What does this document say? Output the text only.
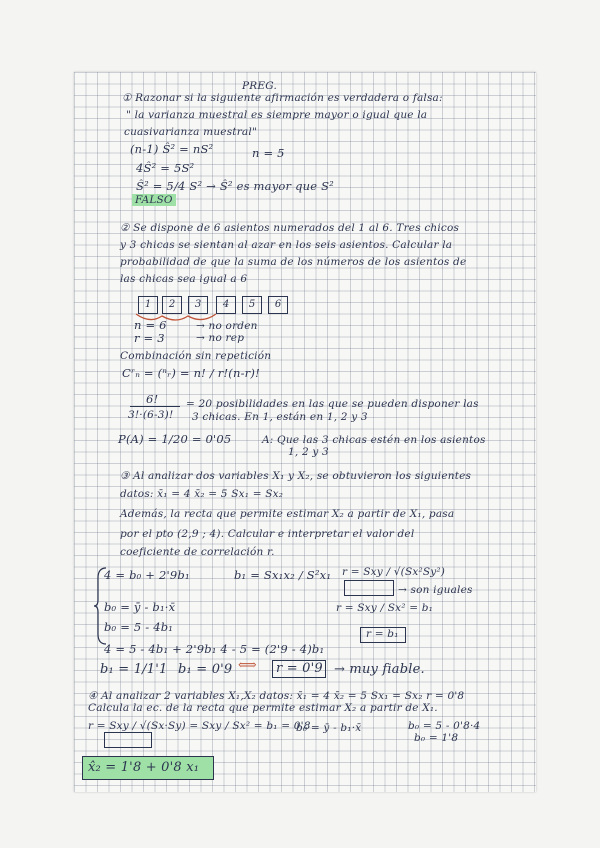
PREG.
① Razonar si la siguiente afirmación es verdadera o falsa:
" la varianza muestral es siempre mayor o igual que la
cuasivarianza muestral"
(n-1) Ŝ² = nS²	n = 5
4Ŝ² = 5S²
Ŝ² = 5/4 S² → Ŝ² es mayor que S²
FALSO
② Se dispone de 6 asientos numerados del 1 al 6. Tres chicos
y 3 chicas se sientan al azar en los seis asientos. Calcular la
probabilidad de que la suma de los números de los asientos de
las chicas sea igual a 6
1	2	3	4	5	6
n = 6
r = 3
→ no orden
→ no rep
Combinación sin repetición
Cʳₙ = (ⁿᵣ) = n! / r!(n-r)!
6!
3!·(6-3)!
= 20 posibilidades en las que se pueden disponer las
3 chicas. En 1, están en 1, 2 y 3
P(A) = 1/20 = 0'05	A: Que las 3 chicas estén en los asientos
1, 2 y 3
③ Al analizar dos variables X₁ y X₂, se obtuvieron los siguientes
datos: x̄₁ = 4 x̄₂ = 5 Sx₁ = Sx₂
Además, la recta que permite estimar X₂ a partir de X₁, pasa
por el pto (2,9 ; 4). Calcular e interpretar el valor del
coeficiente de correlación r.
4 = b₀ + 2'9b₁	b₁ = Sx₁x₂ / S²x₁ r = Sxy / √(Sx²Sy²)
→ son iguales
b₀ = ȳ - b₁·x̄	r = Sxy / Sx² = b₁
b₀ = 5 - 4b₁	r = b₁
4 = 5 - 4b₁ + 2'9b₁ 4 - 5 = (2'9 - 4)b₁
b₁ = 1/1'1 b₁ = 0'9 ⟺ r = 0'9 → muy fiable.
④ Al analizar 2 variables X₁,X₂ datos: x̄₁ = 4 x̄₂ = 5 Sx₁ = Sx₂ r = 0'8
Calcula la ec. de la recta que permite estimar X₂ a partir de X₁.
r = Sxy / √(Sx·Sy) = Sxy / Sx² = b₁ = 0'8
b₀ = ȳ - b₁·x̄	b₀ = 5 - 0'8·4
b₀ = 1'8
x̂₂ = 1'8 + 0'8 x₁
